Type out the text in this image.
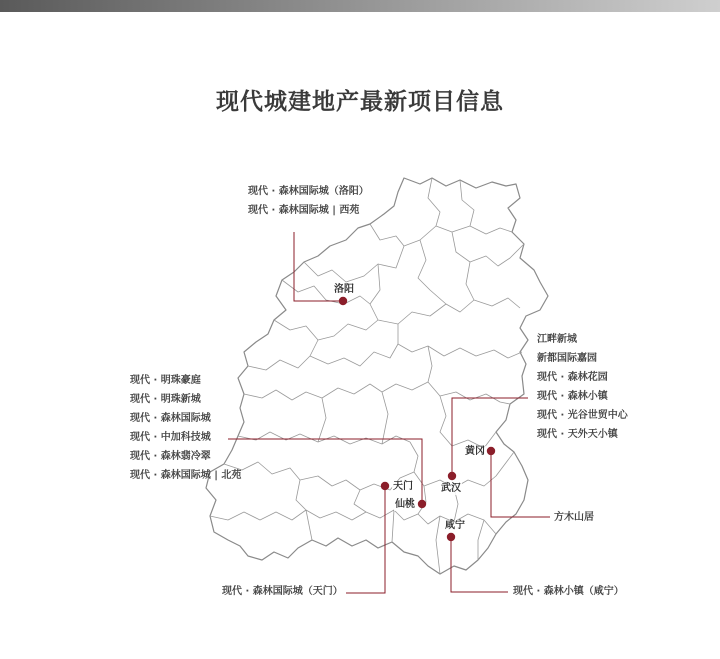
现代城建地产最新项目信息
洛阳
天门
仙桃
武汉
黄冈
咸宁
现代 · 森林国际城（洛阳）
现代 · 森林国际城 | 西苑
现代 · 明珠豪庭
现代 · 明珠新城
现代 · 森林国际城
现代 · 中加科技城
现代 · 森林翡冷翠
现代 · 森林国际城 | 北苑
江畔新城
新都国际嘉园
现代 · 森林花园
现代 · 森林小镇
现代 · 光谷世贸中心
现代 · 天外天小镇
方木山居
现代 · 森林国际城（天门）	现代 · 森林小镇（咸宁）
